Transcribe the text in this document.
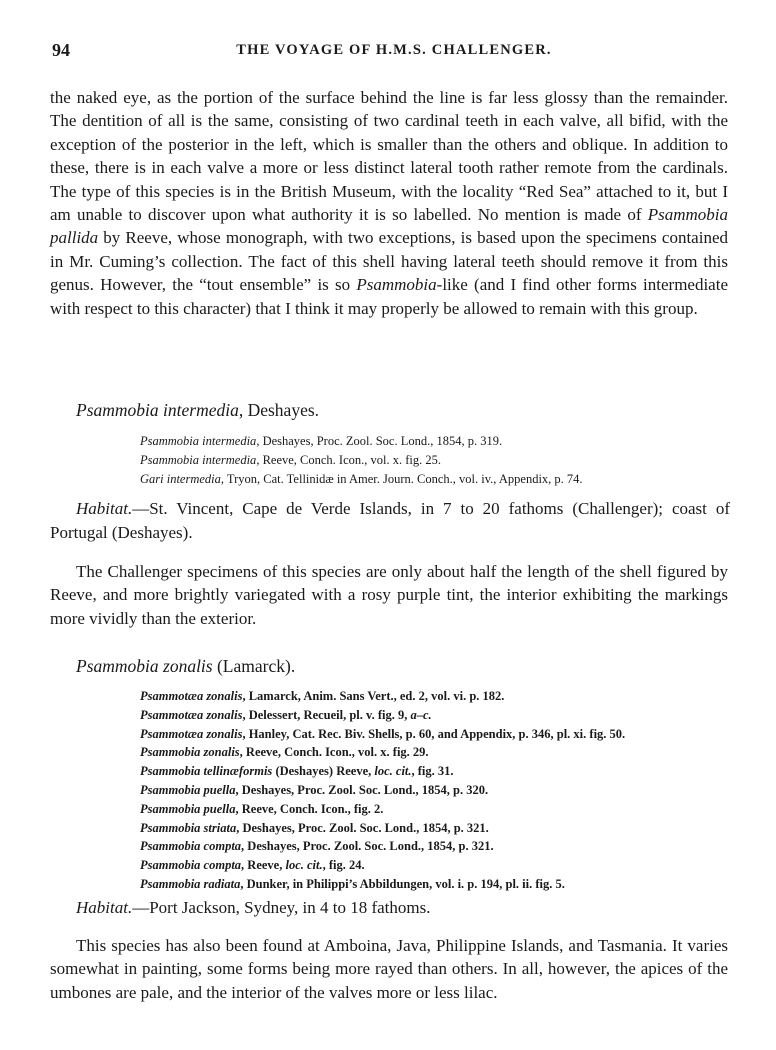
94	THE VOYAGE OF H.M.S. CHALLENGER.

the naked eye, as the portion of the surface behind the line is far less glossy than the remainder. The dentition of all is the same, consisting of two cardinal teeth in each valve, all bifid, with the exception of the posterior in the left, which is smaller than the others and oblique. In addition to these, there is in each valve a more or less distinct lateral tooth rather remote from the cardinals. The type of this species is in the British Museum, with the locality “Red Sea” attached to it, but I am unable to discover upon what authority it is so labelled. No mention is made of Psammobia pallida by Reeve, whose monograph, with two exceptions, is based upon the specimens contained in Mr. Cuming’s collection. The fact of this shell having lateral teeth should remove it from this genus. However, the “tout ensemble” is so Psammobia-like (and I find other forms intermediate with respect to this character) that I think it may properly be allowed to remain with this group.

Psammobia intermedia, Deshayes.

Psammobia intermedia, Deshayes, Proc. Zool. Soc. Lond., 1854, p. 319.
Psammobia intermedia, Reeve, Conch. Icon., vol. x. fig. 25.
Gari intermedia, Tryon, Cat. Tellinidæ in Amer. Journ. Conch., vol. iv., Appendix, p. 74.

Habitat.—St. Vincent, Cape de Verde Islands, in 7 to 20 fathoms (Challenger); coast of Portugal (Deshayes).

The Challenger specimens of this species are only about half the length of the shell figured by Reeve, and more brightly variegated with a rosy purple tint, the interior exhibiting the markings more vividly than the exterior.

Psammobia zonalis (Lamarck).

Psammotæa zonalis, Lamarck, Anim. Sans Vert., ed. 2, vol. vi. p. 182.
Psammotæa zonalis, Delessert, Recueil, pl. v. fig. 9, a–c.
Psammotæa zonalis, Hanley, Cat. Rec. Biv. Shells, p. 60, and Appendix, p. 346, pl. xi. fig. 50.
Psammobia zonalis, Reeve, Conch. Icon., vol. x. fig. 29.
Psammobia tellinæformis (Deshayes) Reeve, loc. cit., fig. 31.
Psammobia puella, Deshayes, Proc. Zool. Soc. Lond., 1854, p. 320.
Psammobia puella, Reeve, Conch. Icon., fig. 2.
Psammobia striata, Deshayes, Proc. Zool. Soc. Lond., 1854, p. 321.
Psammobia compta, Deshayes, Proc. Zool. Soc. Lond., 1854, p. 321.
Psammobia compta, Reeve, loc. cit., fig. 24.
Psammobia radiata, Dunker, in Philippi’s Abbildungen, vol. i. p. 194, pl. ii. fig. 5.

Habitat.—Port Jackson, Sydney, in 4 to 18 fathoms.

This species has also been found at Amboina, Java, Philippine Islands, and Tasmania. It varies somewhat in painting, some forms being more rayed than others. In all, however, the apices of the umbones are pale, and the interior of the valves more or less lilac.
